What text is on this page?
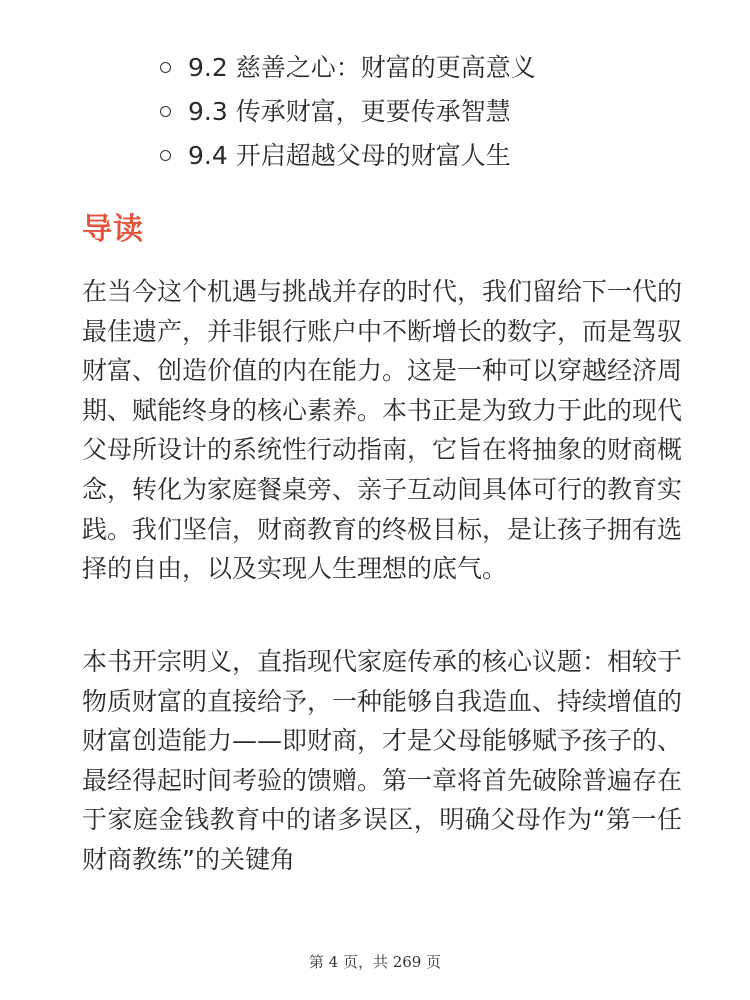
9.2 慈善之心：财富的更高意义
9.3 传承财富，更要传承智慧
9.4 开启超越父母的财富人生
导读

在当今这个机遇与挑战并存的时代，我们留给下一代的最佳遗产，并非银行账户中不断增长的数字，而是驾驭财富、创造价值的内在能力。这是一种可以穿越经济周期、赋能终身的核心素养。本书正是为致力于此的现代父母所设计的系统性行动指南，它旨在将抽象的财商概念，转化为家庭餐桌旁、亲子互动间具体可行的教育实践。我们坚信，财商教育的终极目标，是让孩子拥有选择的自由，以及实现人生理想的底气。

本书开宗明义，直指现代家庭传承的核心议题：相较于物质财富的直接给予，一种能够自我造血、持续增值的财富创造能力——即财商，才是父母能够赋予孩子的、最经得起时间考验的馈赠。第一章将首先破除普遍存在于家庭金钱教育中的诸多误区，明确父母作为“第一任财商教练”的关键角

第 4 页，共 269 页
